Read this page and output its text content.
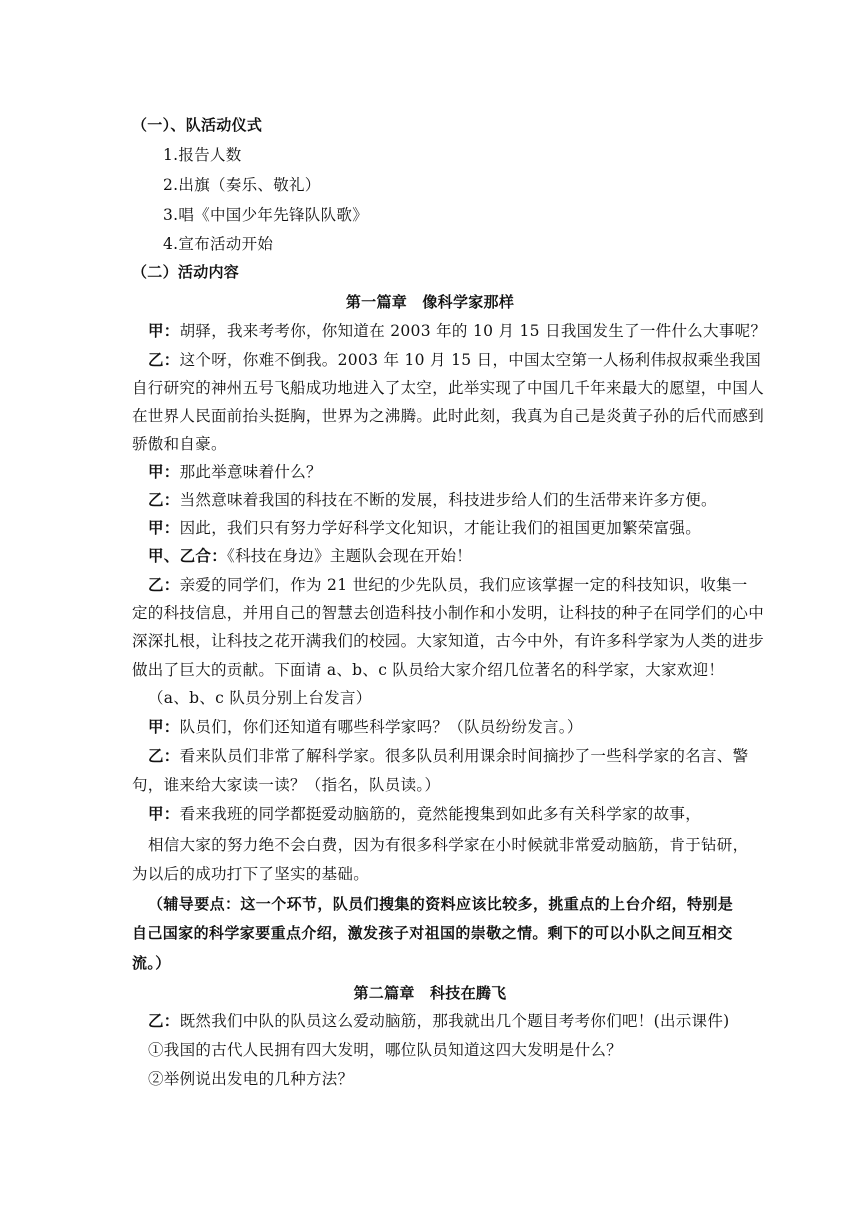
（一）、队活动仪式
1.报告人数
2.出旗（奏乐、敬礼）
3.唱《中国少年先锋队队歌》
4.宣布活动开始
（二）活动内容
第一篇章　像科学家那样
甲：胡驿，我来考考你，你知道在 2003 年的 10 月 15 日我国发生了一件什么大事呢？
乙：这个呀，你难不倒我。2003 年 10 月 15 日，中国太空第一人杨利伟叔叔乘坐我国
自行研究的神州五号飞船成功地进入了太空，此举实现了中国几千年来最大的愿望，中国人
在世界人民面前抬头挺胸，世界为之沸腾。此时此刻，我真为自己是炎黄子孙的后代而感到
骄傲和自豪。
甲：那此举意味着什么？
乙：当然意味着我国的科技在不断的发展，科技进步给人们的生活带来许多方便。
甲：因此，我们只有努力学好科学文化知识，才能让我们的祖国更加繁荣富强。
甲、乙合：《科技在身边》主题队会现在开始！
乙：亲爱的同学们，作为 21 世纪的少先队员，我们应该掌握一定的科技知识，收集一
定的科技信息，并用自己的智慧去创造科技小制作和小发明，让科技的种子在同学们的心中
深深扎根，让科技之花开满我们的校园。大家知道，古今中外，有许多科学家为人类的进步
做出了巨大的贡献。下面请 a、b、c 队员给大家介绍几位著名的科学家，大家欢迎！
（a、b、c 队员分别上台发言）
甲：队员们，你们还知道有哪些科学家吗？（队员纷纷发言。）
乙：看来队员们非常了解科学家。很多队员利用课余时间摘抄了一些科学家的名言、警
句，谁来给大家读一读？（指名，队员读。）
甲：看来我班的同学都挺爱动脑筋的，竟然能搜集到如此多有关科学家的故事，
相信大家的努力绝不会白费，因为有很多科学家在小时候就非常爱动脑筋，肯于钻研，
为以后的成功打下了坚实的基础。
（辅导要点：这一个环节，队员们搜集的资料应该比较多，挑重点的上台介绍，特别是
自己国家的科学家要重点介绍，激发孩子对祖国的崇敬之情。剩下的可以小队之间互相交
流。）
第二篇章　科技在腾飞
乙：既然我们中队的队员这么爱动脑筋，那我就出几个题目考考你们吧！(出示课件)
①我国的古代人民拥有四大发明，哪位队员知道这四大发明是什么？
②举例说出发电的几种方法？
